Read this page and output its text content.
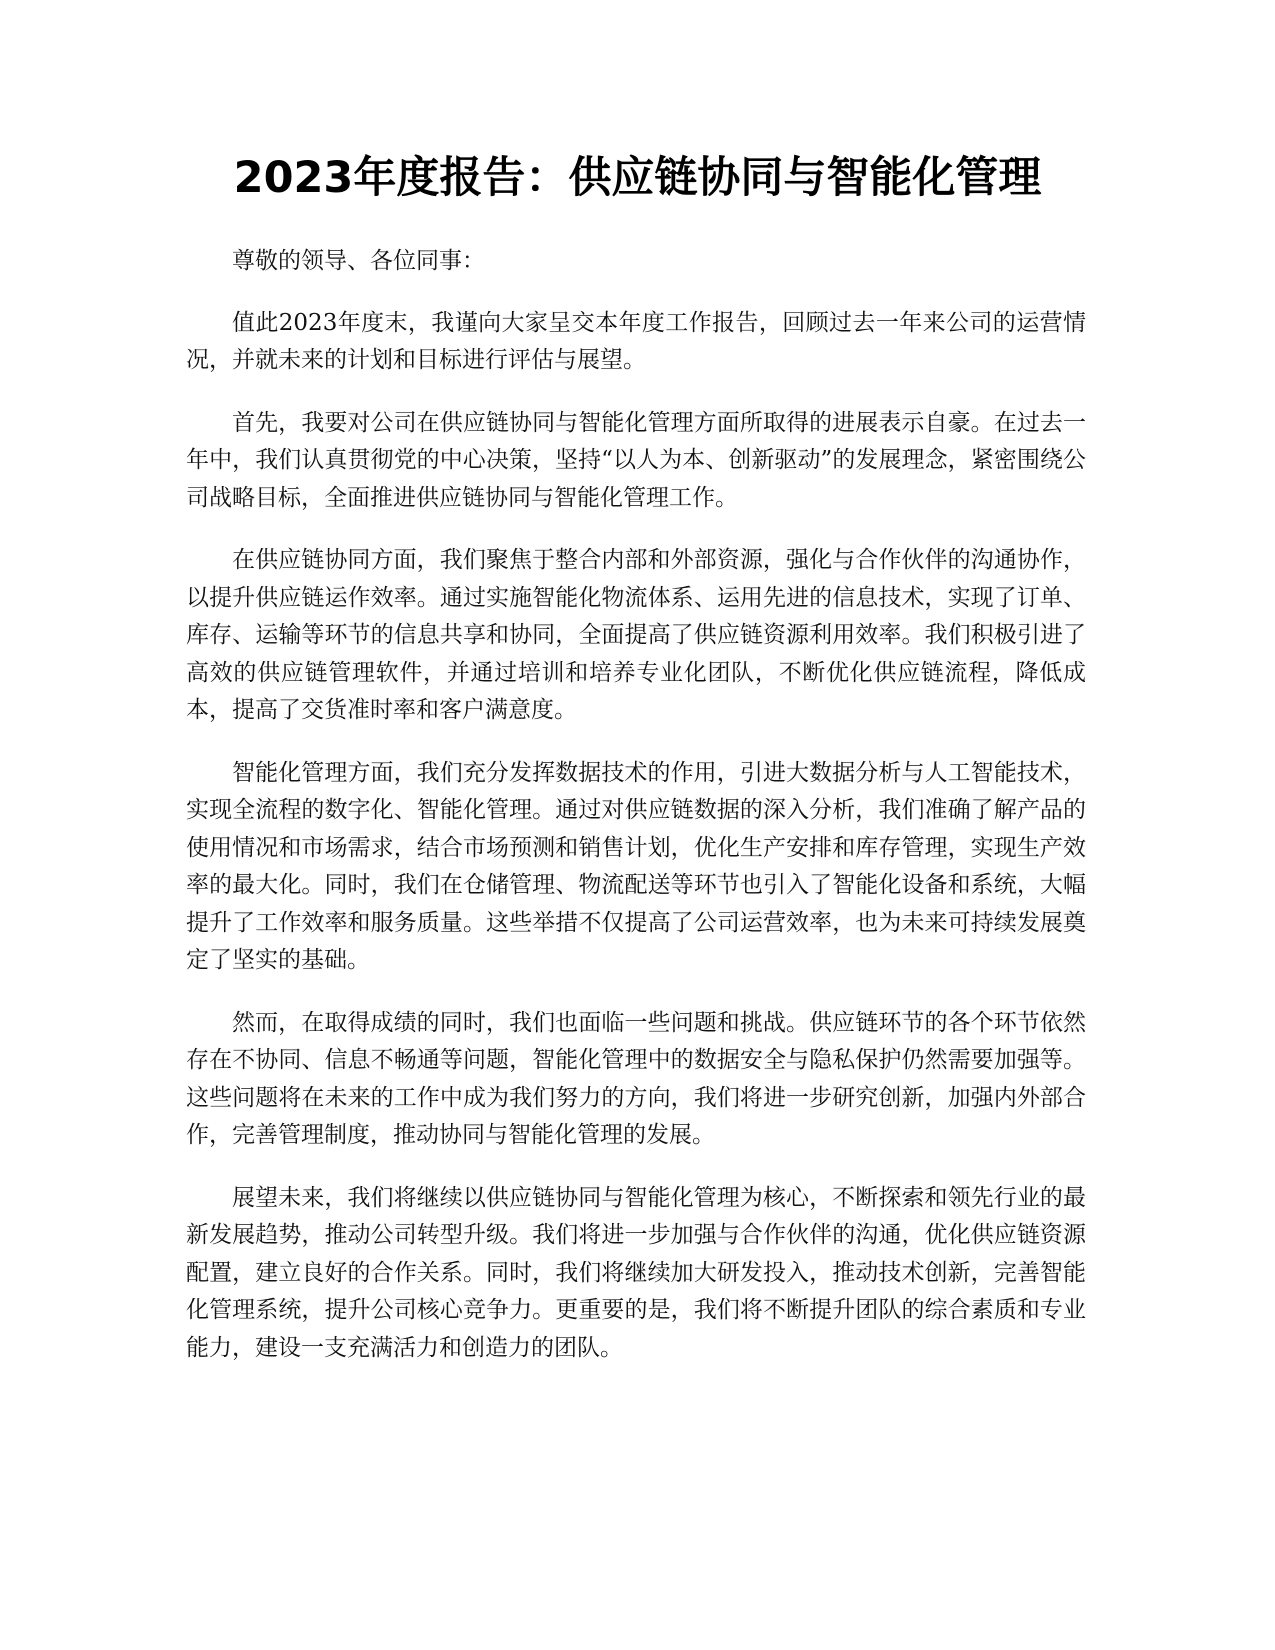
2023年度报告：供应链协同与智能化管理

尊敬的领导、各位同事：

值此2023年度末，我谨向大家呈交本年度工作报告，回顾过去一年来公司的运营情况，并就未来的计划和目标进行评估与展望。

首先，我要对公司在供应链协同与智能化管理方面所取得的进展表示自豪。在过去一年中，我们认真贯彻党的中心决策，坚持“以人为本、创新驱动”的发展理念，紧密围绕公司战略目标，全面推进供应链协同与智能化管理工作。

在供应链协同方面，我们聚焦于整合内部和外部资源，强化与合作伙伴的沟通协作，以提升供应链运作效率。通过实施智能化物流体系、运用先进的信息技术，实现了订单、库存、运输等环节的信息共享和协同，全面提高了供应链资源利用效率。我们积极引进了高效的供应链管理软件，并通过培训和培养专业化团队，不断优化供应链流程，降低成本，提高了交货准时率和客户满意度。

智能化管理方面，我们充分发挥数据技术的作用，引进大数据分析与人工智能技术，实现全流程的数字化、智能化管理。通过对供应链数据的深入分析，我们准确了解产品的使用情况和市场需求，结合市场预测和销售计划，优化生产安排和库存管理，实现生产效率的最大化。同时，我们在仓储管理、物流配送等环节也引入了智能化设备和系统，大幅提升了工作效率和服务质量。这些举措不仅提高了公司运营效率，也为未来可持续发展奠定了坚实的基础。

然而，在取得成绩的同时，我们也面临一些问题和挑战。供应链环节的各个环节依然存在不协同、信息不畅通等问题，智能化管理中的数据安全与隐私保护仍然需要加强等。这些问题将在未来的工作中成为我们努力的方向，我们将进一步研究创新，加强内外部合作，完善管理制度，推动协同与智能化管理的发展。

展望未来，我们将继续以供应链协同与智能化管理为核心，不断探索和领先行业的最新发展趋势，推动公司转型升级。我们将进一步加强与合作伙伴的沟通，优化供应链资源配置，建立良好的合作关系。同时，我们将继续加大研发投入，推动技术创新，完善智能化管理系统，提升公司核心竞争力。更重要的是，我们将不断提升团队的综合素质和专业能力，建设一支充满活力和创造力的团队。
